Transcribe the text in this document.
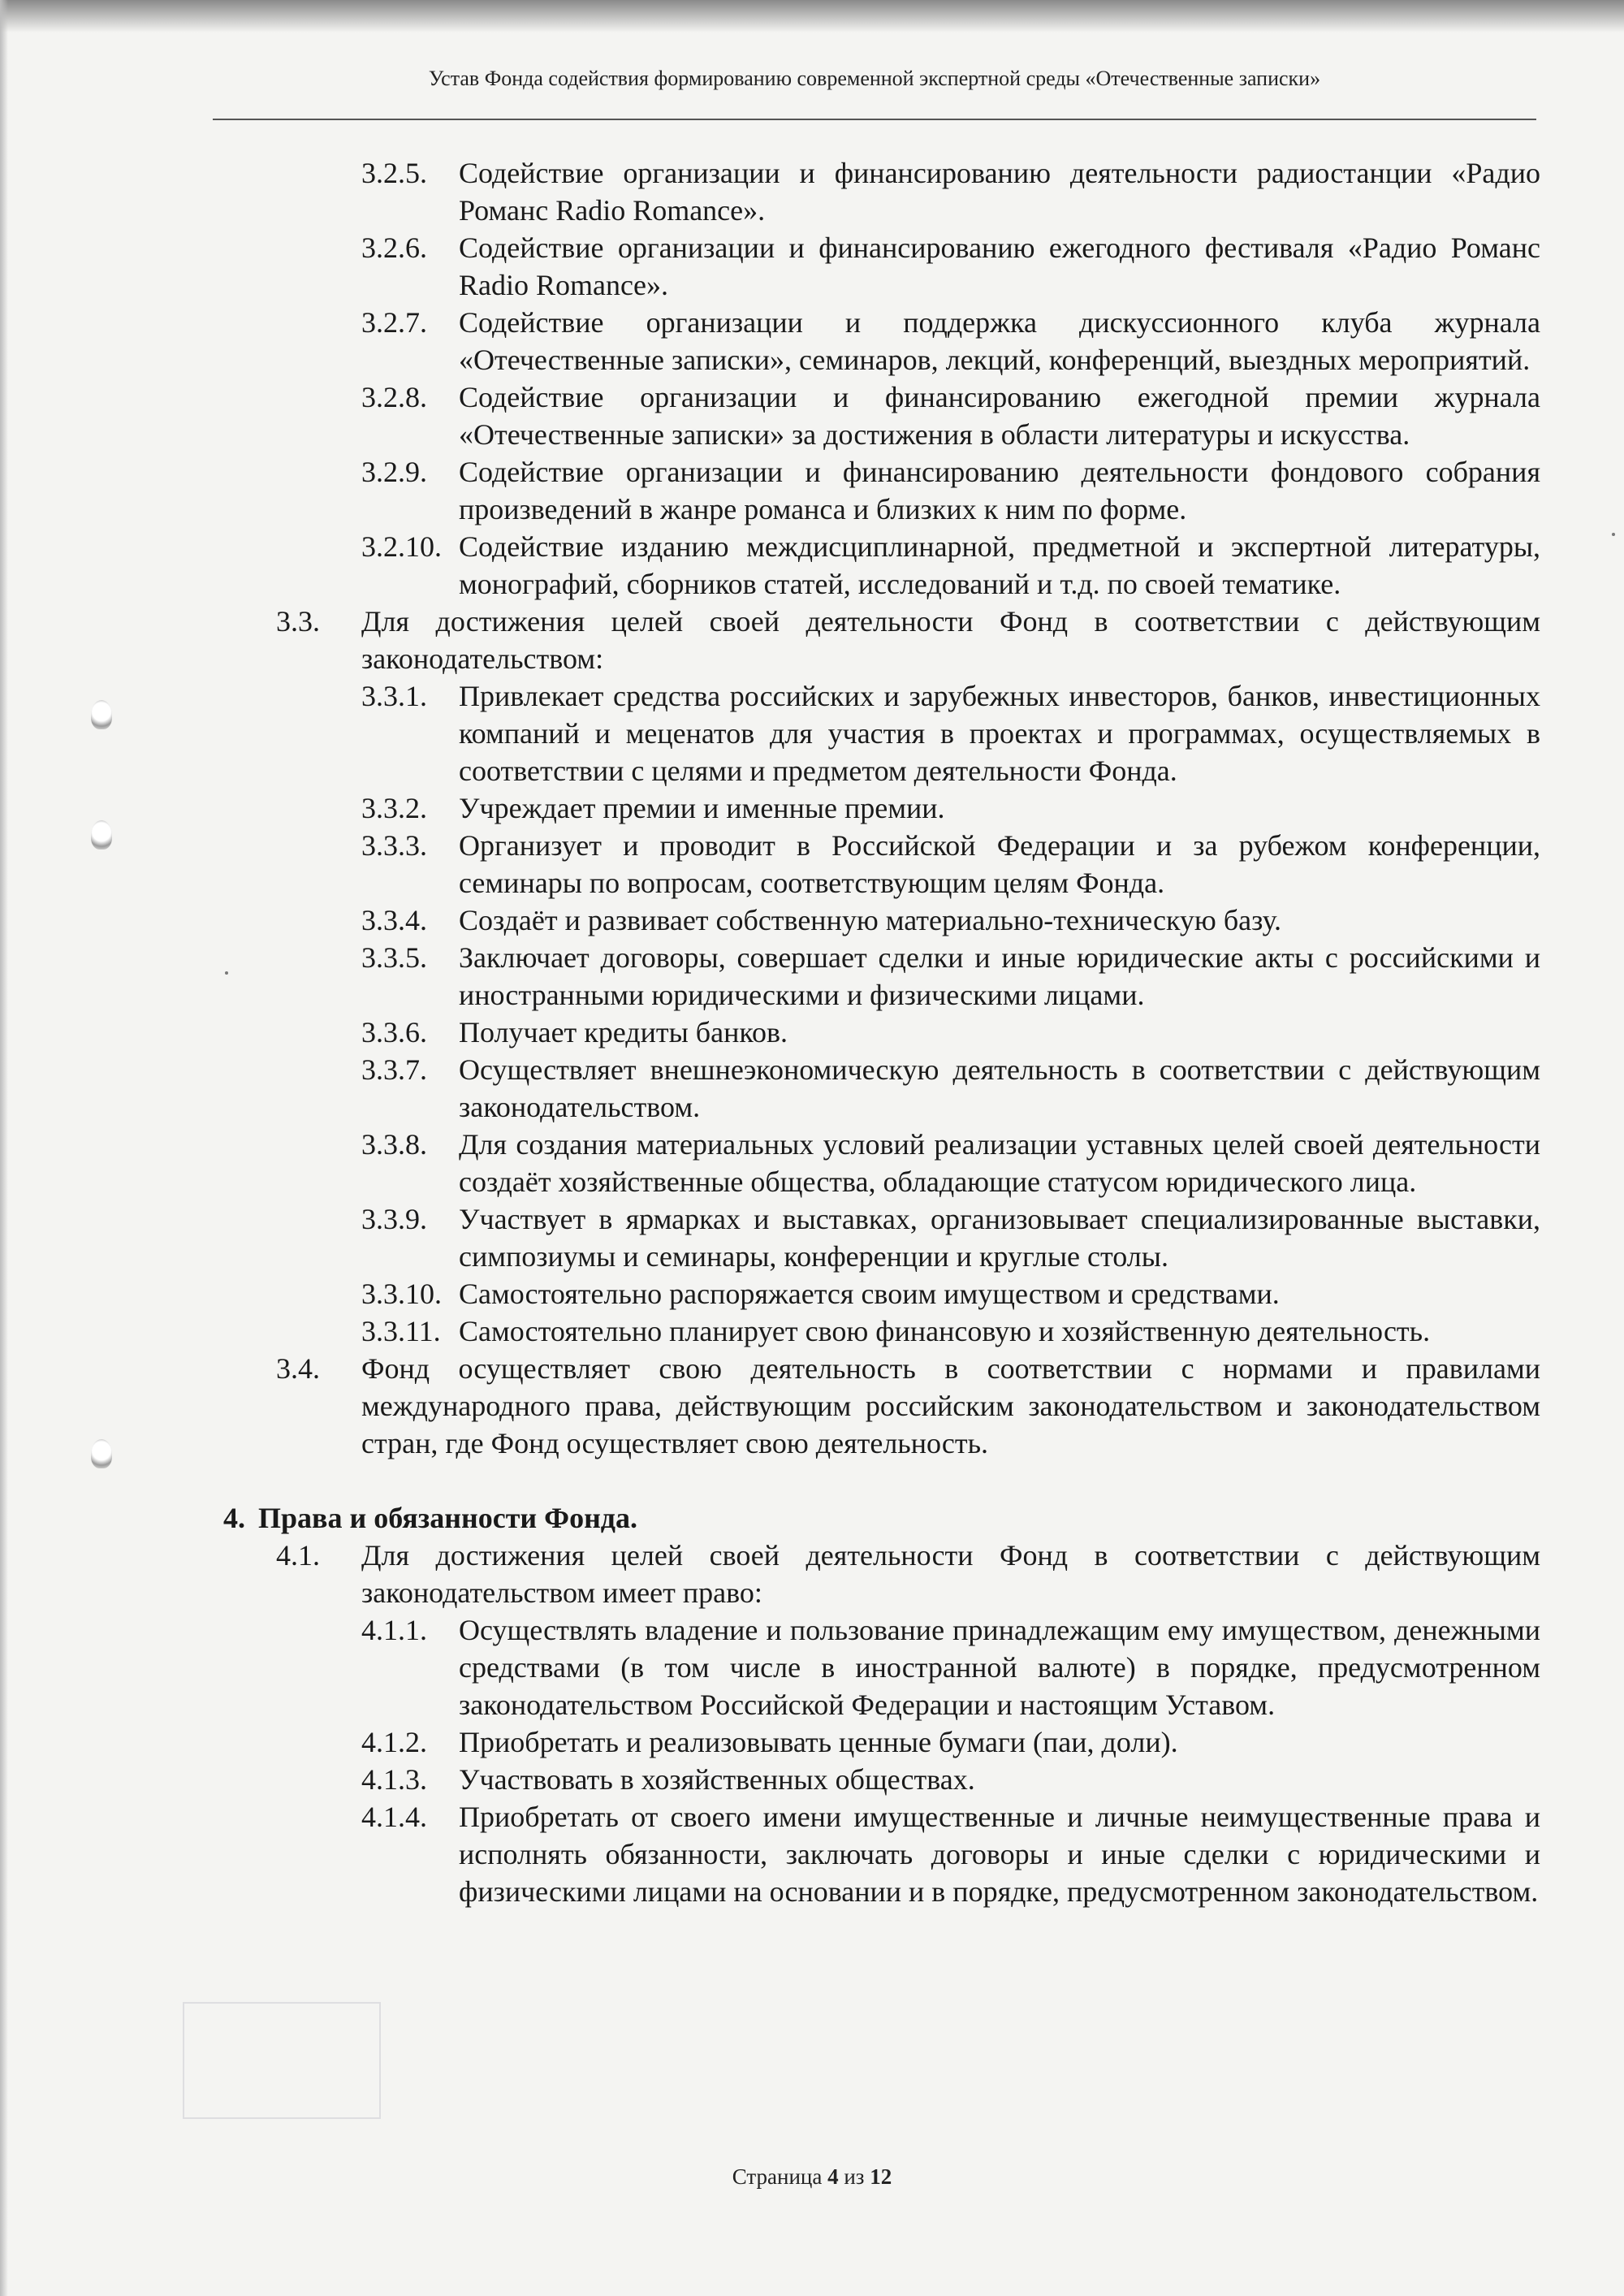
Устав Фонда содействия формированию современной экспертной среды «Отечественные записки»

3.2.5. Содействие организации и финансированию деятельности радиостанции «Радио Романс Radio Romance».

3.2.6. Содействие организации и финансированию ежегодного фестиваля «Радио Романс Radio Romance».

3.2.7. Содействие организации и поддержка дискуссионного клуба журнала «Отечественные записки», семинаров, лекций, конференций, выездных мероприятий.

3.2.8. Содействие организации и финансированию ежегодной премии журнала «Отечественные записки» за достижения в области литературы и искусства.

3.2.9. Содействие организации и финансированию деятельности фондового собрания произведений в жанре романса и близких к ним по форме.

3.2.10. Содействие изданию междисциплинарной, предметной и экспертной литературы, монографий, сборников статей, исследований и т.д. по своей тематике.

3.3. Для достижения целей своей деятельности Фонд в соответствии с действующим законодательством:

3.3.1. Привлекает средства российских и зарубежных инвесторов, банков, инвестиционных компаний и меценатов для участия в проектах и программах, осуществляемых в соответствии с целями и предметом деятельности Фонда.

3.3.2. Учреждает премии и именные премии.

3.3.3. Организует и проводит в Российской Федерации и за рубежом конференции, семинары по вопросам, соответствующим целям Фонда.

3.3.4. Создаёт и развивает собственную материально-техническую базу.

3.3.5. Заключает договоры, совершает сделки и иные юридические акты с российскими и иностранными юридическими и физическими лицами.

3.3.6. Получает кредиты банков.

3.3.7. Осуществляет внешнеэкономическую деятельность в соответствии с действующим законодательством.

3.3.8. Для создания материальных условий реализации уставных целей своей деятельности создаёт хозяйственные общества, обладающие статусом юридического лица.

3.3.9. Участвует в ярмарках и выставках, организовывает специализированные выставки, симпозиумы и семинары, конференции и круглые столы.

3.3.10. Самостоятельно распоряжается своим имуществом и средствами.

3.3.11. Самостоятельно планирует свою финансовую и хозяйственную деятельность.

3.4. Фонд осуществляет свою деятельность в соответствии с нормами и правилами международного права, действующим российским законодательством и законодательством стран, где Фонд осуществляет свою деятельность.

4. Права и обязанности Фонда.

4.1. Для достижения целей своей деятельности Фонд в соответствии с действующим законодательством имеет право:

4.1.1. Осуществлять владение и пользование принадлежащим ему имуществом, денежными средствами (в том числе в иностранной валюте) в порядке, предусмотренном законодательством Российской Федерации и настоящим Уставом.

4.1.2. Приобретать и реализовывать ценные бумаги (паи, доли).

4.1.3. Участвовать в хозяйственных обществах.

4.1.4. Приобретать от своего имени имущественные и личные неимущественные права и исполнять обязанности, заключать договоры и иные сделки с юридическими и физическими лицами на основании и в порядке, предусмотренном законодательством.

Страница 4 из 12
